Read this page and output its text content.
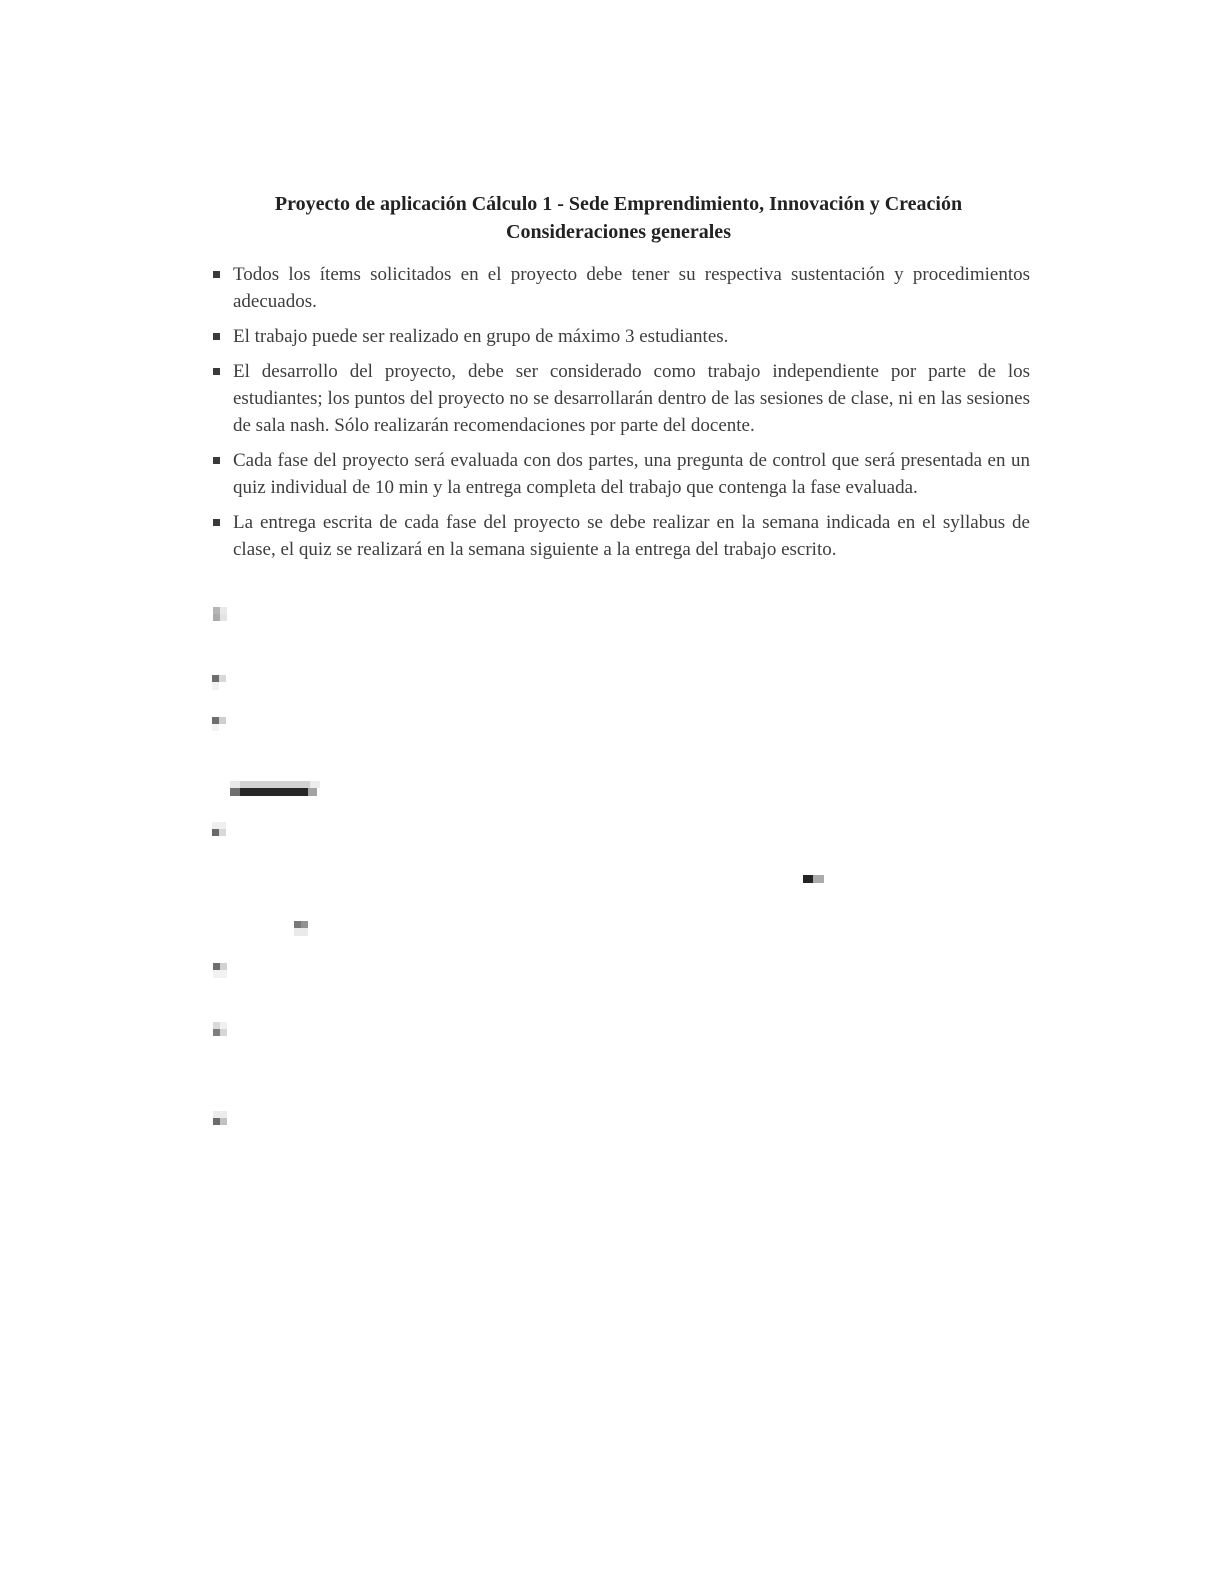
Proyecto de aplicación Cálculo 1 - Sede Emprendimiento, Innovación y Creación
Consideraciones generales
Todos los ítems solicitados en el proyecto debe tener su respectiva sustentación y procedimientos adecuados.
El trabajo puede ser realizado en grupo de máximo 3 estudiantes.
El desarrollo del proyecto, debe ser considerado como trabajo independiente por parte de los estudiantes; los puntos del proyecto no se desarrollarán dentro de las sesiones de clase, ni en las sesiones de sala nash. Sólo realizarán recomendaciones por parte del docente.
Cada fase del proyecto será evaluada con dos partes, una pregunta de control que será presentada en un quiz individual de 10 min y la entrega completa del trabajo que contenga la fase evaluada.
La entrega escrita de cada fase del proyecto se debe realizar en la semana indicada en el syllabus de clase, el quiz se realizará en la semana siguiente a la entrega del trabajo escrito.
